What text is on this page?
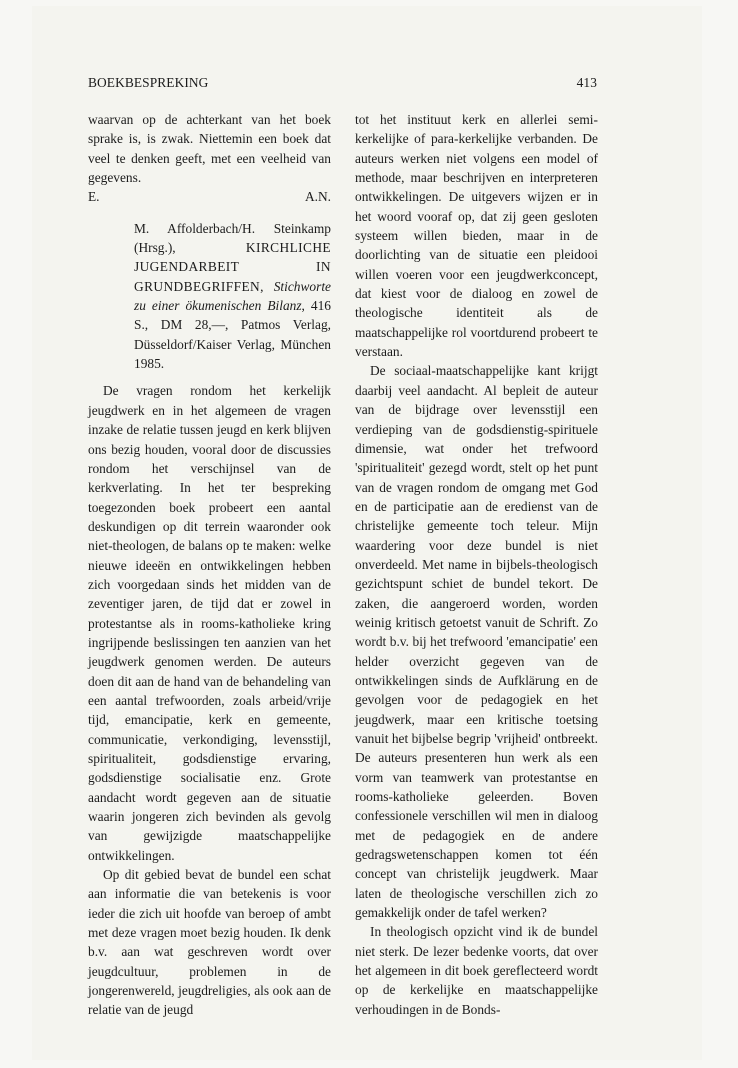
BOEKBESPREKING	413

waarvan op de achterkant van het boek sprake is, is zwak. Niettemin een boek dat veel te denken geeft, met een veelheid van gegevens.

E.	A.N.

M. Affolderbach/H. Steinkamp (Hrsg.), KIRCHLICHE JUGENDARBEIT IN GRUNDBEGRIFFEN, Stichworte zu einer ökumenischen Bilanz, 416 S., DM 28,—, Patmos Verlag, Düsseldorf/Kaiser Verlag, München 1985.

De vragen rondom het kerkelijk jeugdwerk en in het algemeen de vragen inzake de relatie tussen jeugd en kerk blijven ons bezig houden, vooral door de discussies rondom het verschijnsel van de kerkverlating. In het ter bespreking toegezonden boek probeert een aantal deskundigen op dit terrein waaronder ook niet-theologen, de balans op te maken: welke nieuwe ideeën en ontwikkelingen hebben zich voorgedaan sinds het midden van de zeventiger jaren, de tijd dat er zowel in protestantse als in rooms-katholieke kring ingrijpende beslissingen ten aanzien van het jeugdwerk genomen werden. De auteurs doen dit aan de hand van de behandeling van een aantal trefwoorden, zoals arbeid/vrije tijd, emancipatie, kerk en gemeente, communicatie, verkondiging, levensstijl, spiritualiteit, godsdienstige ervaring, godsdienstige socialisatie enz. Grote aandacht wordt gegeven aan de situatie waarin jongeren zich bevinden als gevolg van gewijzigde maatschappelijke ontwikkelingen.

Op dit gebied bevat de bundel een schat aan informatie die van betekenis is voor ieder die zich uit hoofde van beroep of ambt met deze vragen moet bezig houden. Ik denk b.v. aan wat geschreven wordt over jeugdcultuur, problemen in de jongerenwereld, jeugdreligies, als ook aan de relatie van de jeugd

tot het instituut kerk en allerlei semi-kerkelijke of para-kerkelijke verbanden. De auteurs werken niet volgens een model of methode, maar beschrijven en interpreteren ontwikkelingen. De uitgevers wijzen er in het woord vooraf op, dat zij geen gesloten systeem willen bieden, maar in de doorlichting van de situatie een pleidooi willen voeren voor een jeugdwerkconcept, dat kiest voor de dialoog en zowel de theologische identiteit als de maatschappelijke rol voortdurend probeert te verstaan.

De sociaal-maatschappelijke kant krijgt daarbij veel aandacht. Al bepleit de auteur van de bijdrage over levensstijl een verdieping van de godsdienstig-spirituele dimensie, wat onder het trefwoord 'spiritualiteit' gezegd wordt, stelt op het punt van de vragen rondom de omgang met God en de participatie aan de eredienst van de christelijke gemeente toch teleur. Mijn waardering voor deze bundel is niet onverdeeld. Met name in bijbels-theologisch gezichtspunt schiet de bundel tekort. De zaken, die aangeroerd worden, worden weinig kritisch getoetst vanuit de Schrift. Zo wordt b.v. bij het trefwoord 'emancipatie' een helder overzicht gegeven van de ontwikkelingen sinds de Aufklärung en de gevolgen voor de pedagogiek en het jeugdwerk, maar een kritische toetsing vanuit het bijbelse begrip 'vrijheid' ontbreekt. De auteurs presenteren hun werk als een vorm van teamwerk van protestantse en rooms-katholieke geleerden. Boven confessionele verschillen wil men in dialoog met de pedagogiek en de andere gedragswetenschappen komen tot één concept van christelijk jeugdwerk. Maar laten de theologische verschillen zich zo gemakkelijk onder de tafel werken?

In theologisch opzicht vind ik de bundel niet sterk. De lezer bedenke voorts, dat over het algemeen in dit boek gereflecteerd wordt op de kerkelijke en maatschappelijke verhoudingen in de Bonds-
